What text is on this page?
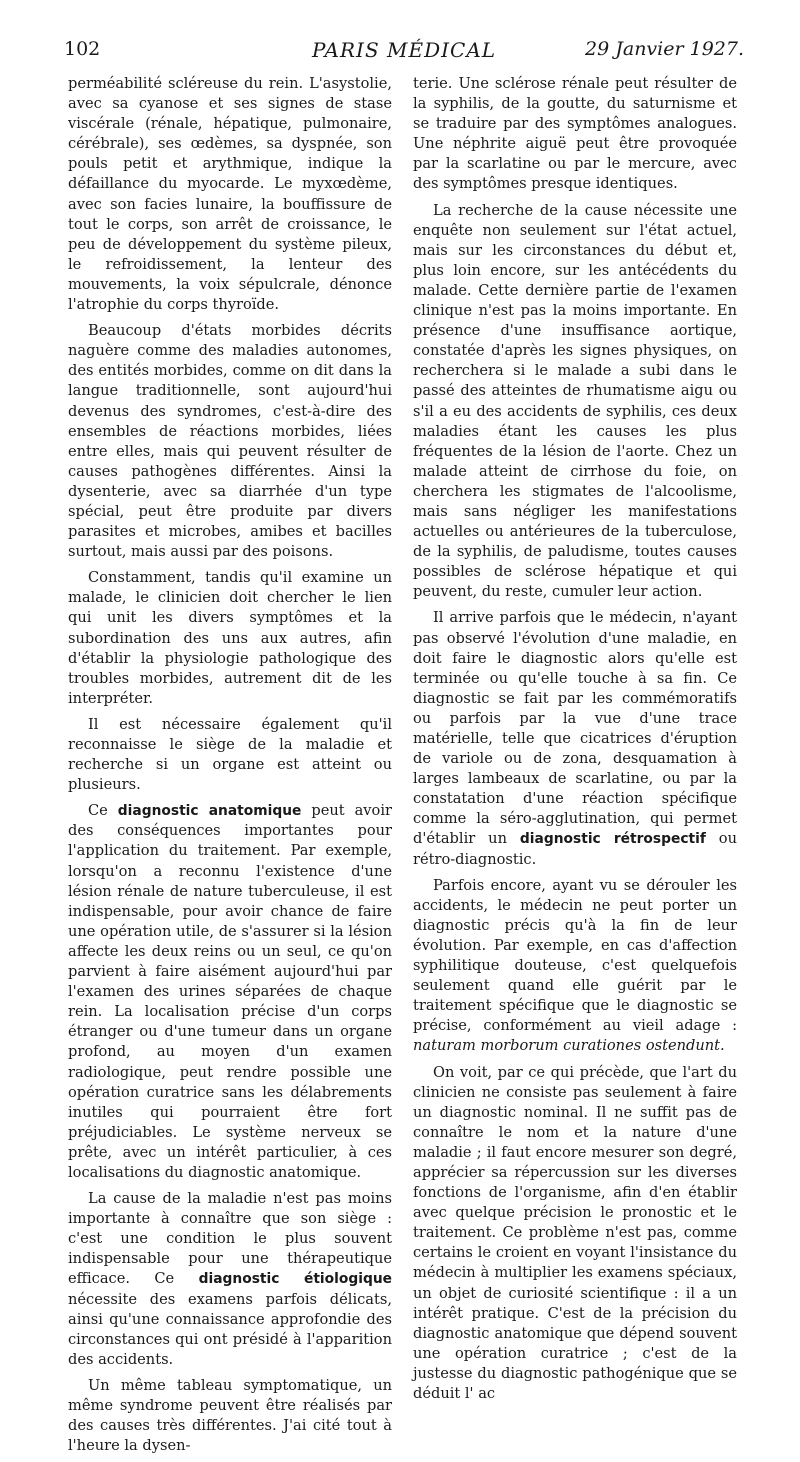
102	PARIS MÉDICAL	29 Janvier 1927.

perméabilité scléreuse du rein. L'asystolie, avec sa cyanose et ses signes de stase viscérale (rénale, hépatique, pulmonaire, cérébrale), ses œdèmes, sa dyspnée, son pouls petit et arythmique, indique la défaillance du myocarde. Le myxœdème, avec son facies lunaire, la bouffissure de tout le corps, son arrêt de croissance, le peu de développement du système pileux, le refroidissement, la lenteur des mouvements, la voix sépulcrale, dénonce l'atrophie du corps thyroïde.

Beaucoup d'états morbides décrits naguère comme des maladies autonomes, des entités morbides, comme on dit dans la langue traditionnelle, sont aujourd'hui devenus des syndromes, c'est-à-dire des ensembles de réactions morbides, liées entre elles, mais qui peuvent résulter de causes pathogènes différentes. Ainsi la dysenterie, avec sa diarrhée d'un type spécial, peut être produite par divers parasites et microbes, amibes et bacilles surtout, mais aussi par des poisons.

Constamment, tandis qu'il examine un malade, le clinicien doit chercher le lien qui unit les divers symptômes et la subordination des uns aux autres, afin d'établir la physiologie pathologique des troubles morbides, autrement dit de les interpréter.

Il est nécessaire également qu'il reconnaisse le siège de la maladie et recherche si un organe est atteint ou plusieurs.

Ce diagnostic anatomique peut avoir des conséquences importantes pour l'application du traitement. Par exemple, lorsqu'on a reconnu l'existence d'une lésion rénale de nature tuberculeuse, il est indispensable, pour avoir chance de faire une opération utile, de s'assurer si la lésion affecte les deux reins ou un seul, ce qu'on parvient à faire aisément aujourd'hui par l'examen des urines séparées de chaque rein. La localisation précise d'un corps étranger ou d'une tumeur dans un organe profond, au moyen d'un examen radiologique, peut rendre possible une opération curatrice sans les délabrements inutiles qui pourraient être fort préjudiciables. Le système nerveux se prête, avec un intérêt particulier, à ces localisations du diagnostic anatomique.

La cause de la maladie n'est pas moins importante à connaître que son siège : c'est une condition le plus souvent indispensable pour une thérapeutique efficace. Ce diagnostic étiologique nécessite des examens parfois délicats, ainsi qu'une connaissance approfondie des circonstances qui ont présidé à l'apparition des accidents.

Un même tableau symptomatique, un même syndrome peuvent être réalisés par des causes très différentes. J'ai cité tout à l'heure la dysen-

terie. Une sclérose rénale peut résulter de la syphilis, de la goutte, du saturnisme et se traduire par des symptômes analogues. Une néphrite aiguë peut être provoquée par la scarlatine ou par le mercure, avec des symptômes presque identiques.

La recherche de la cause nécessite une enquête non seulement sur l'état actuel, mais sur les circonstances du début et, plus loin encore, sur les antécédents du malade. Cette dernière partie de l'examen clinique n'est pas la moins importante. En présence d'une insuffisance aortique, constatée d'après les signes physiques, on recherchera si le malade a subi dans le passé des atteintes de rhumatisme aigu ou s'il a eu des accidents de syphilis, ces deux maladies étant les causes les plus fréquentes de la lésion de l'aorte. Chez un malade atteint de cirrhose du foie, on cherchera les stigmates de l'alcoolisme, mais sans négliger les manifestations actuelles ou antérieures de la tuberculose, de la syphilis, de paludisme, toutes causes possibles de sclérose hépatique et qui peuvent, du reste, cumuler leur action.

Il arrive parfois que le médecin, n'ayant pas observé l'évolution d'une maladie, en doit faire le diagnostic alors qu'elle est terminée ou qu'elle touche à sa fin. Ce diagnostic se fait par les commémoratifs ou parfois par la vue d'une trace matérielle, telle que cicatrices d'éruption de variole ou de zona, desquamation à larges lambeaux de scarlatine, ou par la constatation d'une réaction spécifique comme la séro-agglutination, qui permet d'établir un diagnostic rétrospectif ou rétro-diagnostic.

Parfois encore, ayant vu se dérouler les accidents, le médecin ne peut porter un diagnostic précis qu'à la fin de leur évolution. Par exemple, en cas d'affection syphilitique douteuse, c'est quelquefois seulement quand elle guérit par le traitement spécifique que le diagnostic se précise, conformément au vieil adage : naturam morborum curationes ostendunt.

On voit, par ce qui précède, que l'art du clinicien ne consiste pas seulement à faire un diagnostic nominal. Il ne suffit pas de connaître le nom et la nature d'une maladie ; il faut encore mesurer son degré, apprécier sa répercussion sur les diverses fonctions de l'organisme, afin d'en établir avec quelque précision le pronostic et le traitement. Ce problème n'est pas, comme certains le croient en voyant l'insistance du médecin à multiplier les examens spéciaux, un objet de curiosité scientifique : il a un intérêt pratique. C'est de la précision du diagnostic anatomique que dépend souvent une opération curatrice ; c'est de la justesse du diagnostic pathogénique que se déduit l' ac
